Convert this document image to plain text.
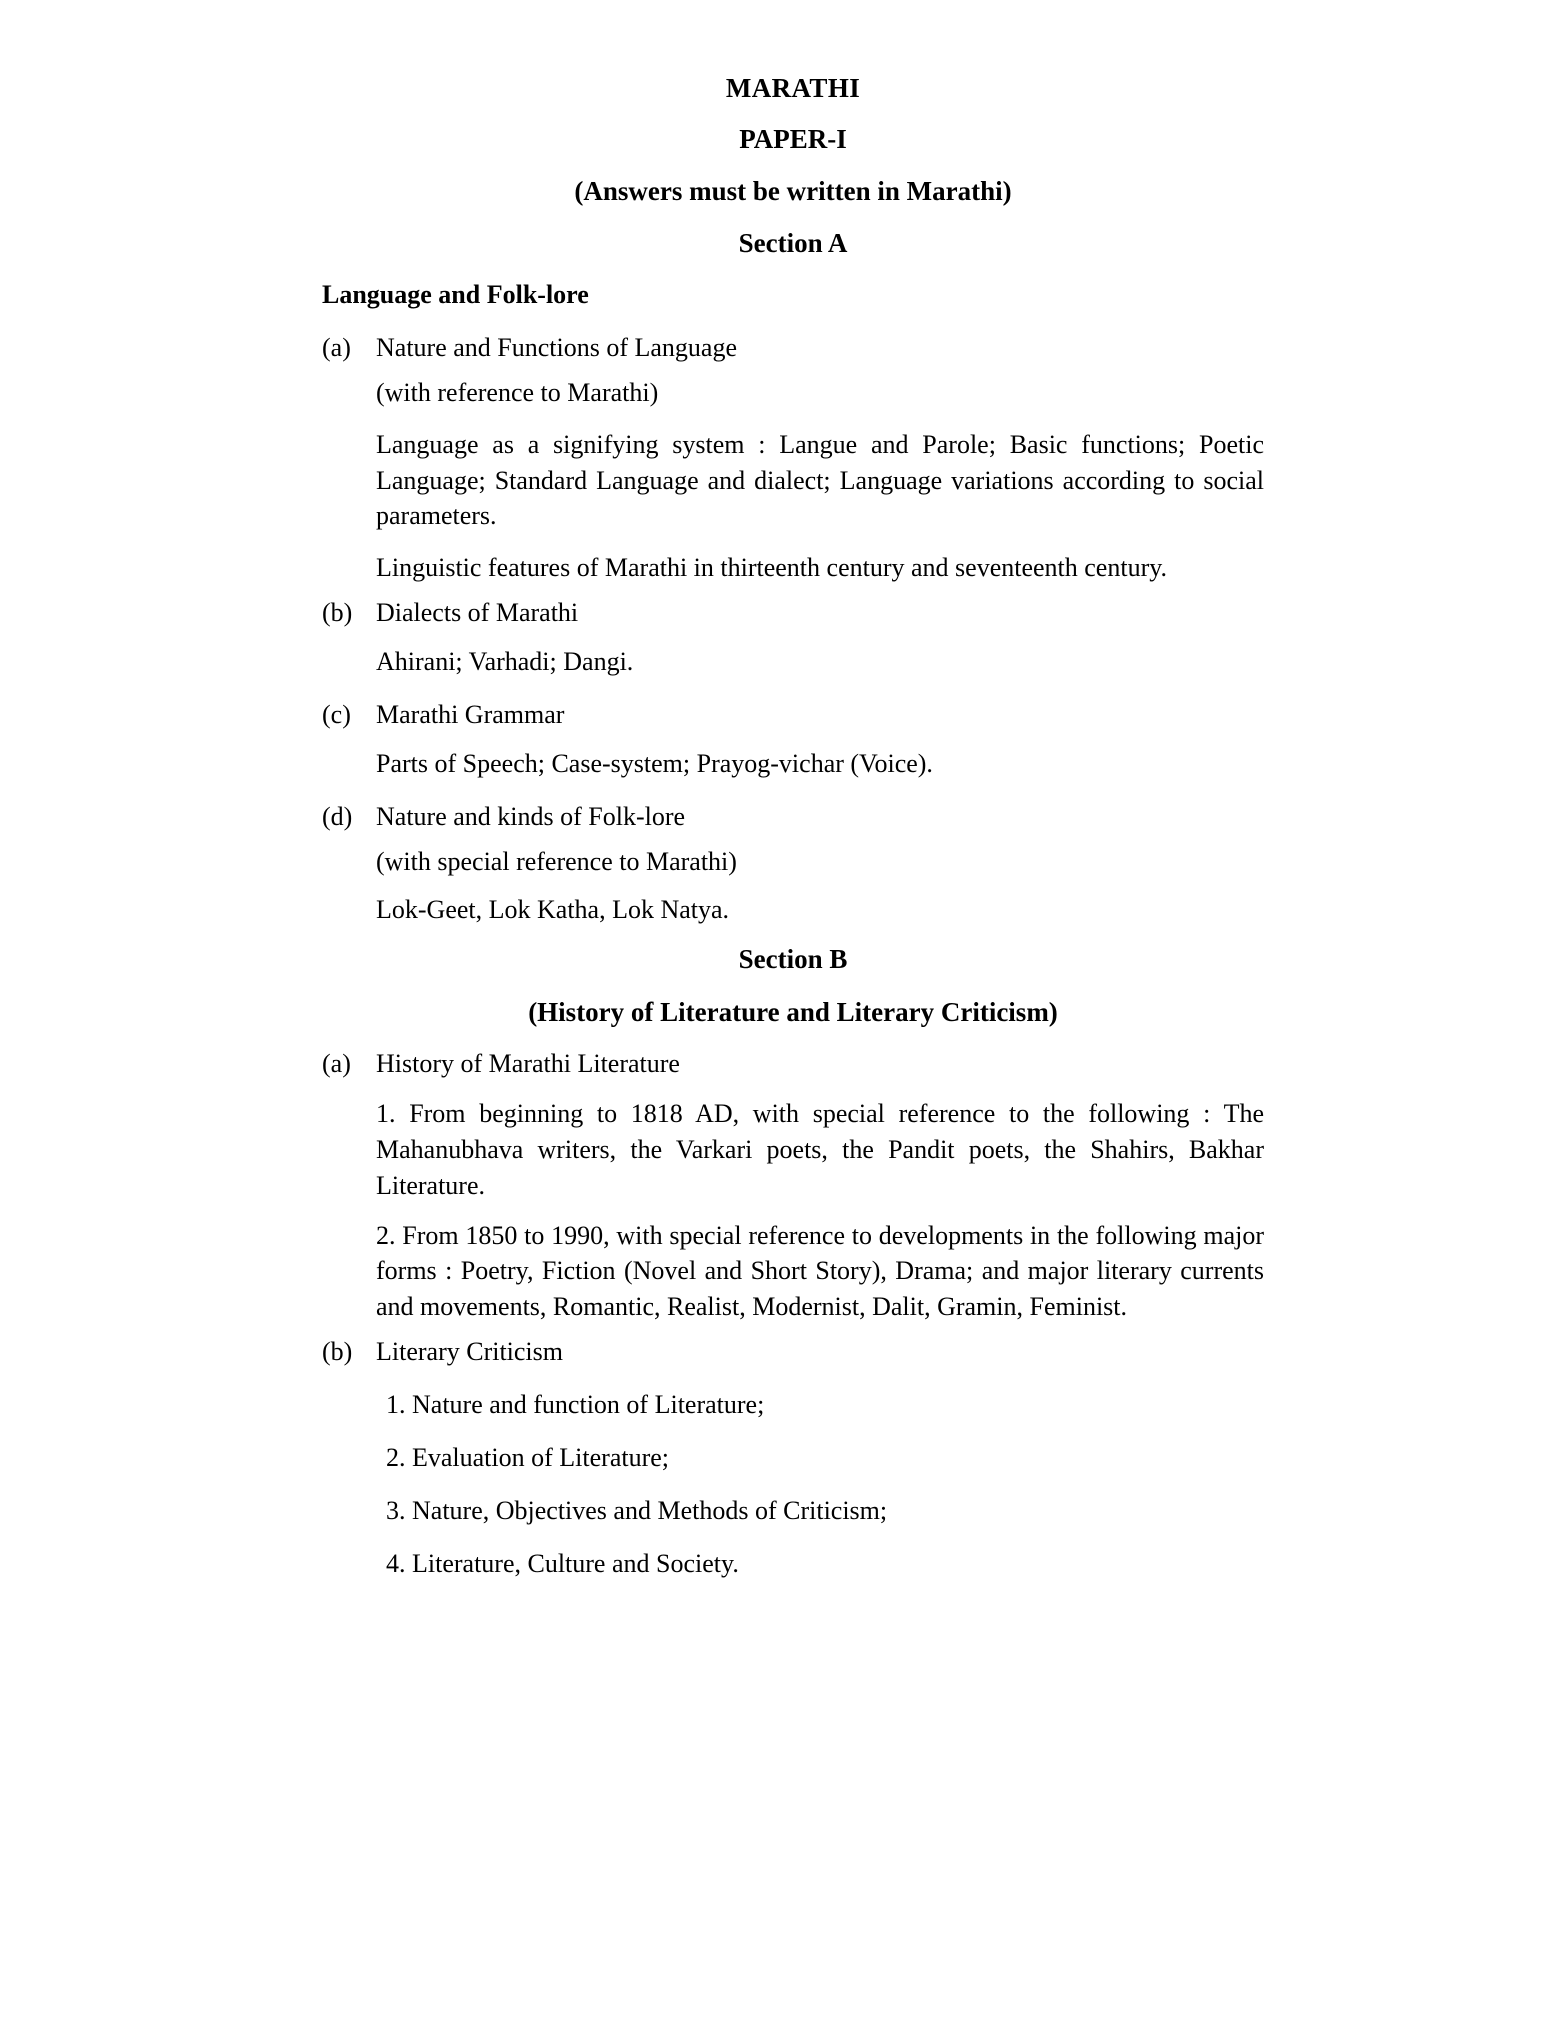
MARATHI
PAPER-I
(Answers must be written in Marathi)
Section A
Language and Folk-lore
(a) Nature and Functions of Language
(with reference to Marathi)
Language as a signifying system : Langue and Parole; Basic functions; Poetic Language; Standard Language and dialect; Language variations according to social parameters.
Linguistic features of Marathi in thirteenth century and seventeenth century.
(b) Dialects of Marathi
Ahirani; Varhadi; Dangi.
(c) Marathi Grammar
Parts of Speech; Case-system; Prayog-vichar (Voice).
(d) Nature and kinds of Folk-lore
(with special reference to Marathi)
Lok-Geet, Lok Katha, Lok Natya.
Section B
(History of Literature and Literary Criticism)
(a) History of Marathi Literature
1. From beginning to 1818 AD, with special reference to the following : The Mahanubhava writers, the Varkari poets, the Pandit poets, the Shahirs, Bakhar Literature.
2. From 1850 to 1990, with special reference to developments in the following major forms : Poetry, Fiction (Novel and Short Story), Drama; and major literary currents and movements, Romantic, Realist, Modernist, Dalit, Gramin, Feminist.
(b) Literary Criticism
1. Nature and function of Literature;
2. Evaluation of Literature;
3. Nature, Objectives and Methods of Criticism;
4. Literature, Culture and Society.
